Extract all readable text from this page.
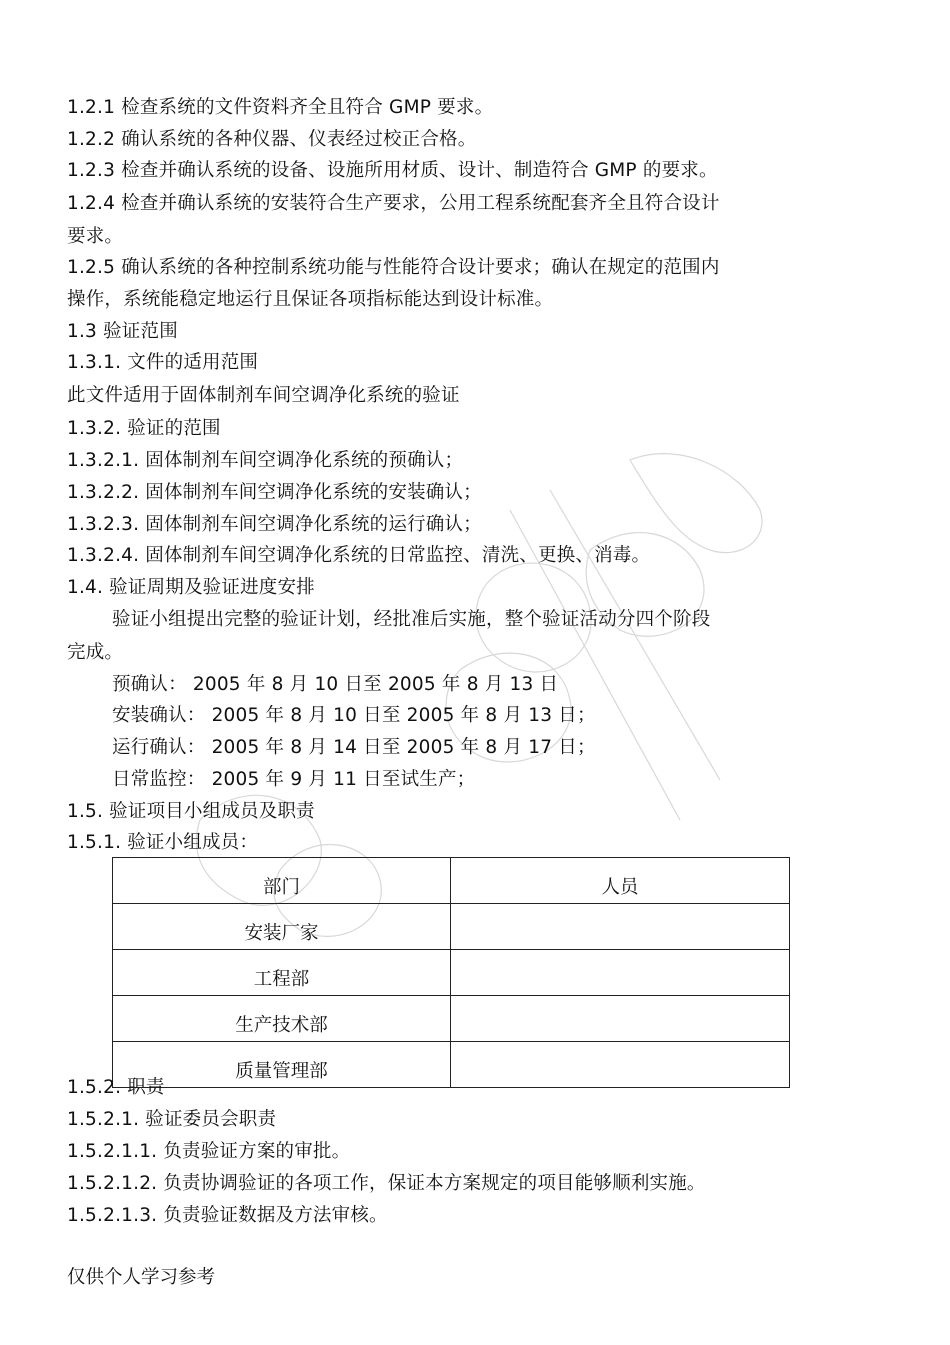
1.2.1 检查系统的文件资料齐全且符合 GMP 要求。
1.2.2 确认系统的各种仪器、仪表经过校正合格。
1.2.3 检查并确认系统的设备、设施所用材质、设计、制造符合 GMP 的要求。
1.2.4 检查并确认系统的安装符合生产要求，公用工程系统配套齐全且符合设计
要求。
1.2.5 确认系统的各种控制系统功能与性能符合设计要求；确认在规定的范围内
操作，系统能稳定地运行且保证各项指标能达到设计标准。
1.3 验证范围
1.3.1. 文件的适用范围
此文件适用于固体制剂车间空调净化系统的验证
1.3.2. 验证的范围
1.3.2.1. 固体制剂车间空调净化系统的预确认；
1.3.2.2. 固体制剂车间空调净化系统的安装确认；
1.3.2.3. 固体制剂车间空调净化系统的运行确认；
1.3.2.4. 固体制剂车间空调净化系统的日常监控、清洗、更换、消毒。
1.4. 验证周期及验证进度安排
验证小组提出完整的验证计划，经批准后实施，整个验证活动分四个阶段
完成。
预确认： 2005 年 8 月 10 日至 2005 年 8 月 13 日
安装确认： 2005 年 8 月 10 日至 2005 年 8 月 13 日；
运行确认： 2005 年 8 月 14 日至 2005 年 8 月 17 日；
日常监控： 2005 年 9 月 11 日至试生产；
1.5. 验证项目小组成员及职责
1.5.1. 验证小组成员：
部门	人员
安装厂家	
工程部	
生产技术部	
质量管理部	
1.5.2. 职责
1.5.2.1. 验证委员会职责
1.5.2.1.1. 负责验证方案的审批。
1.5.2.1.2. 负责协调验证的各项工作，保证本方案规定的项目能够顺利实施。
1.5.2.1.3. 负责验证数据及方法审核。
仅供个人学习参考
